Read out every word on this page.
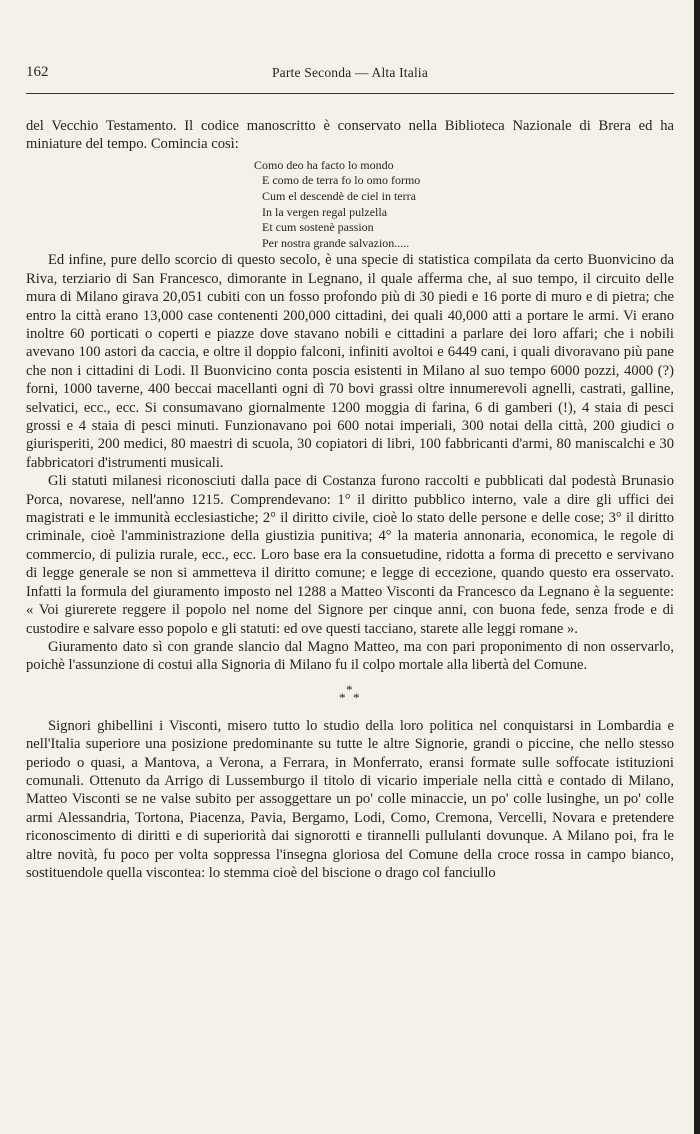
162	Parte Seconda — Alta Italia

del Vecchio Testamento. Il codice manoscritto è conservato nella Biblioteca Nazionale di Brera ed ha miniature del tempo. Comincia così:

Como deo ha facto lo mondo
E como de terra fo lo omo formo
Cum el descendè de ciel in terra
In la vergen regal pulzella
Et cum sostenè passion
Per nostra grande salvazion.....

Ed infine, pure dello scorcio di questo secolo, è una specie di statistica compilata da certo Buonvicino da Riva, terziario di San Francesco, dimorante in Legnano, il quale afferma che, al suo tempo, il circuito delle mura di Milano girava 20,051 cubiti con un fosso profondo più di 30 piedi e 16 porte di muro e di pietra; che entro la città erano 13,000 case contenenti 200,000 cittadini, dei quali 40,000 atti a portare le armi. Vi erano inoltre 60 porticati o coperti e piazze dove stavano nobili e cittadini a parlare dei loro affari; che i nobili avevano 100 astori da caccia, e oltre il doppio falconi, infiniti avoltoi e 6449 cani, i quali divoravano più pane che non i cittadini di Lodi. Il Buonvicino conta poscia esistenti in Milano al suo tempo 6000 pozzi, 4000 (?) forni, 1000 taverne, 400 beccai macellanti ogni dì 70 bovi grassi oltre innumerevoli agnelli, castrati, galline, selvatici, ecc., ecc. Si consumavano giornalmente 1200 moggia di farina, 6 di gamberi (!), 4 staia di pesci grossi e 4 staia di pesci minuti. Funzionavano poi 600 notai imperiali, 300 notai della città, 200 giudici o giurisperiti, 200 medici, 80 maestri di scuola, 30 copiatori di libri, 100 fabbricanti d'armi, 80 maniscalchi e 30 fabbricatori d'istrumenti musicali.

Gli statuti milanesi riconosciuti dalla pace di Costanza furono raccolti e pubblicati dal podestà Brunasio Porca, novarese, nell'anno 1215. Comprendevano: 1° il diritto pubblico interno, vale a dire gli uffici dei magistrati e le immunità ecclesiastiche; 2° il diritto civile, cioè lo stato delle persone e delle cose; 3° il diritto criminale, cioè l'amministrazione della giustizia punitiva; 4° la materia annonaria, economica, le regole di commercio, di pulizia rurale, ecc., ecc. Loro base era la consuetudine, ridotta a forma di precetto e servivano di legge generale se non si ammetteva il diritto comune; e legge di eccezione, quando questo era osservato. Infatti la formula del giuramento imposto nel 1288 a Matteo Visconti da Francesco da Legnano è la seguente: « Voi giurerete reggere il popolo nel nome del Signore per cinque anni, con buona fede, senza frode e di custodire e salvare esso popolo e gli statuti: ed ove questi tacciano, starete alle leggi romane ».

Giuramento dato sì con grande slancio dal Magno Matteo, ma con pari proponimento di non osservarlo, poichè l'assunzione di costui alla Signoria di Milano fu il colpo mortale alla libertà del Comune.

*
* *

Signori ghibellini i Visconti, misero tutto lo studio della loro politica nel conquistarsi in Lombardia e nell'Italia superiore una posizione predominante su tutte le altre Signorie, grandi o piccine, che nello stesso periodo o quasi, a Mantova, a Verona, a Ferrara, in Monferrato, eransi formate sulle soffocate istituzioni comunali. Ottenuto da Arrigo di Lussemburgo il titolo di vicario imperiale nella città e contado di Milano, Matteo Visconti se ne valse subito per assoggettare un po' colle minaccie, un po' colle lusinghe, un po' colle armi Alessandria, Tortona, Piacenza, Pavia, Bergamo, Lodi, Como, Cremona, Vercelli, Novara e pretendere riconoscimento di diritti e di superiorità dai signorotti e tirannelli pullulanti dovunque. A Milano poi, fra le altre novità, fu poco per volta soppressa l'insegna gloriosa del Comune della croce rossa in campo bianco, sostituendole quella viscontea: lo stemma cioè del biscione o drago col fanciullo
